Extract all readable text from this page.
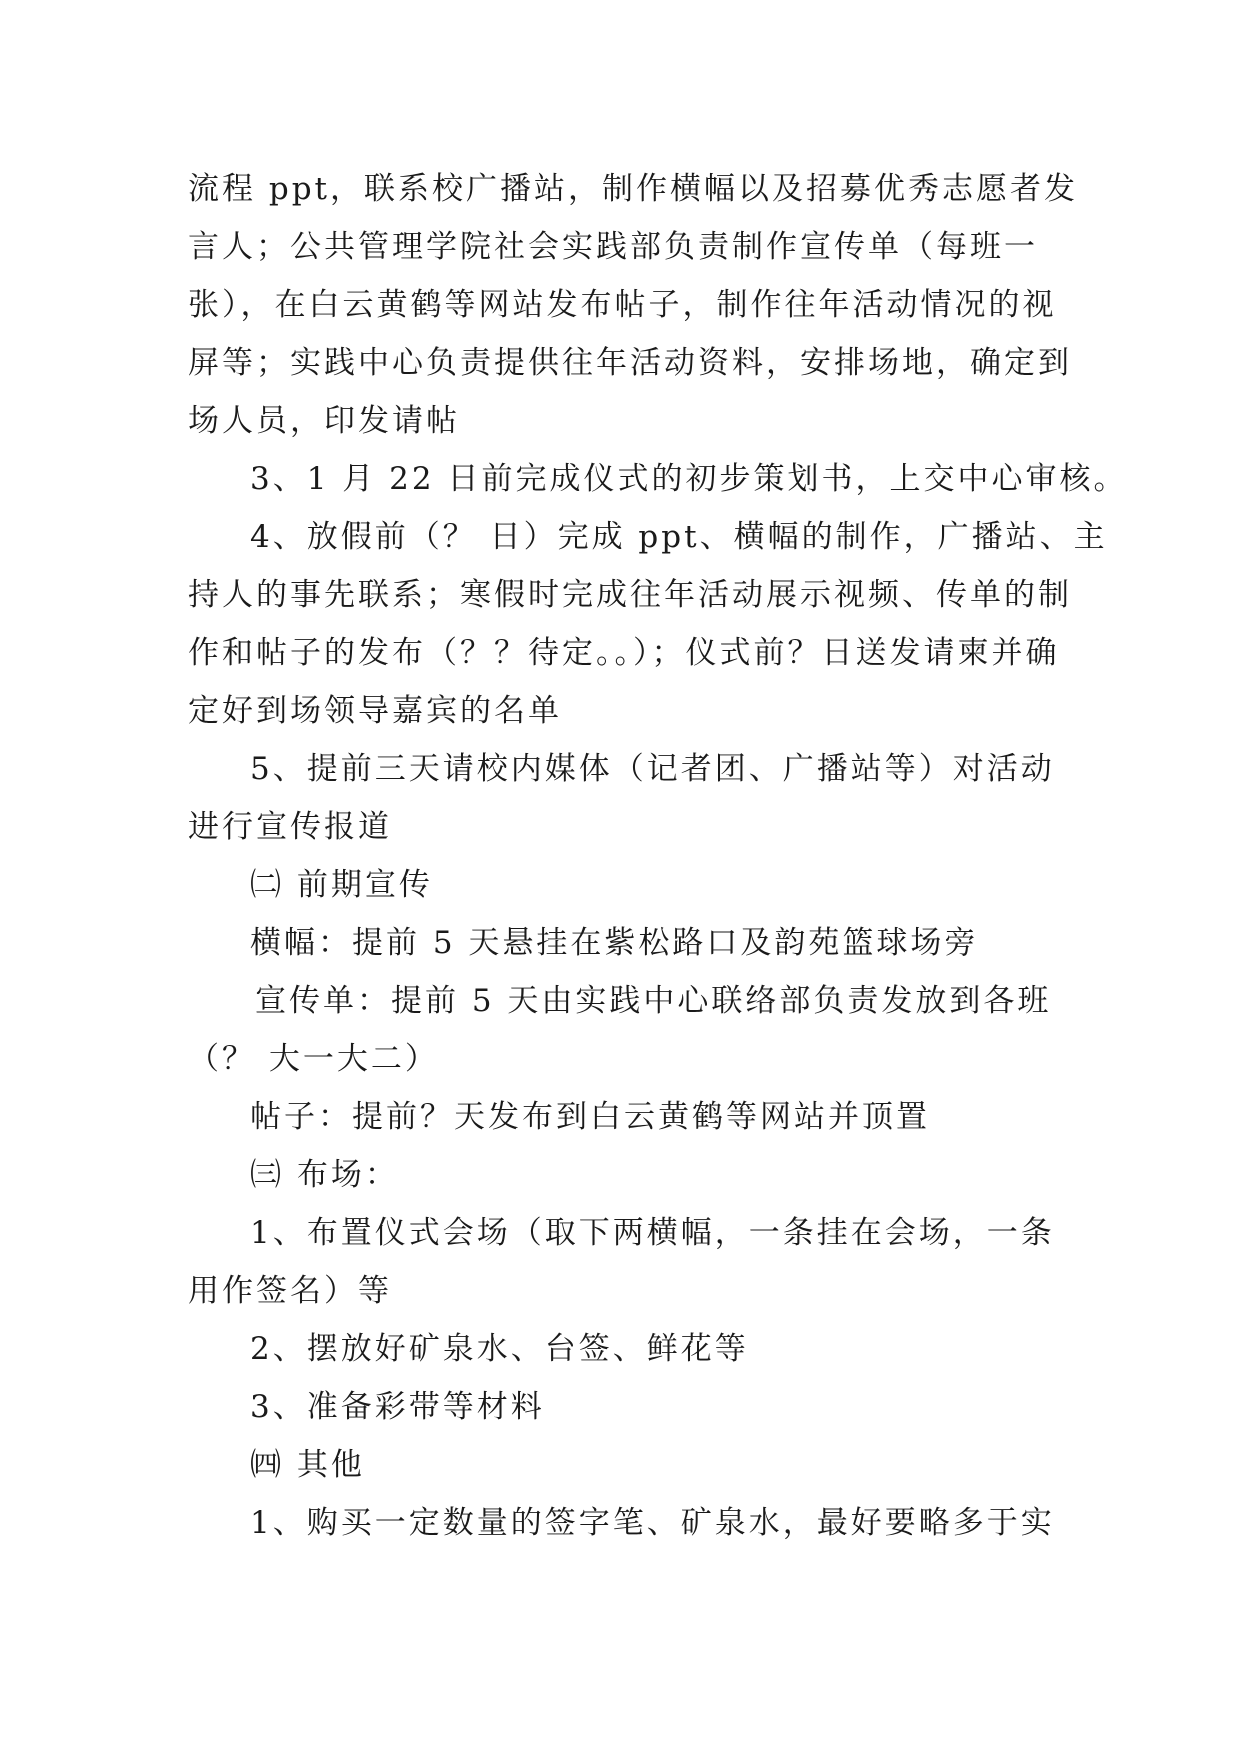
流程 ppt，联系校广播站，制作横幅以及招募优秀志愿者发
言人；公共管理学院社会实践部负责制作宣传单（每班一
张），在白云黄鹤等网站发布帖子，制作往年活动情况的视
屏等；实践中心负责提供往年活动资料，安排场地，确定到
场人员，印发请帖
3、1 月 22 日前完成仪式的初步策划书，上交中心审核。
4、放假前（？ 日）完成 ppt、横幅的制作，广播站、主
持人的事先联系；寒假时完成往年活动展示视频、传单的制
作和帖子的发布（？？待定。。）；仪式前？日送发请柬并确
定好到场领导嘉宾的名单
5、提前三天请校内媒体（记者团、广播站等）对活动
进行宣传报道
㈡ 前期宣传
横幅：提前 5 天悬挂在紫松路口及韵苑篮球场旁
宣传单：提前 5 天由实践中心联络部负责发放到各班
（？ 大一大二）
帖子：提前？天发布到白云黄鹤等网站并顶置
㈢ 布场：
1、布置仪式会场（取下两横幅，一条挂在会场，一条
用作签名）等
2、摆放好矿泉水、台签、鲜花等
3、准备彩带等材料
㈣ 其他
1、购买一定数量的签字笔、矿泉水，最好要略多于实
